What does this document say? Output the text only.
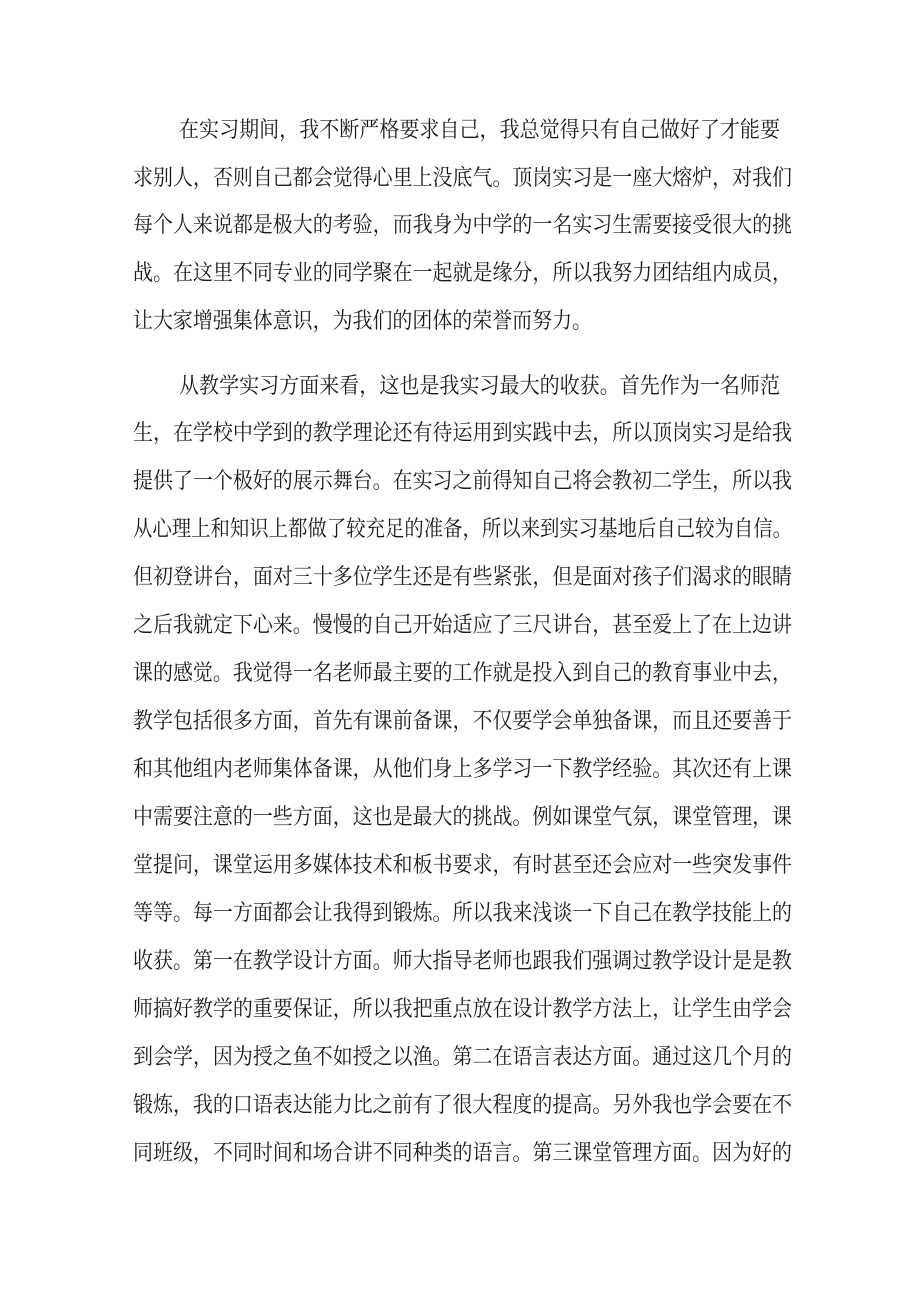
在实习期间，我不断严格要求自己，我总觉得只有自己做好了才能要
求别人，否则自己都会觉得心里上没底气。顶岗实习是一座大熔炉，对我们
每个人来说都是极大的考验，而我身为中学的一名实习生需要接受很大的挑
战。在这里不同专业的同学聚在一起就是缘分，所以我努力团结组内成员，
让大家增强集体意识，为我们的团体的荣誉而努力。
从教学实习方面来看，这也是我实习最大的收获。首先作为一名师范
生，在学校中学到的教学理论还有待运用到实践中去，所以顶岗实习是给我
提供了一个极好的展示舞台。在实习之前得知自己将会教初二学生，所以我
从心理上和知识上都做了较充足的准备，所以来到实习基地后自己较为自信。
但初登讲台，面对三十多位学生还是有些紧张，但是面对孩子们渴求的眼睛
之后我就定下心来。慢慢的自己开始适应了三尺讲台，甚至爱上了在上边讲
课的感觉。我觉得一名老师最主要的工作就是投入到自己的教育事业中去，
教学包括很多方面，首先有课前备课，不仅要学会单独备课，而且还要善于
和其他组内老师集体备课，从他们身上多学习一下教学经验。其次还有上课
中需要注意的一些方面，这也是最大的挑战。例如课堂气氛，课堂管理，课
堂提问，课堂运用多媒体技术和板书要求，有时甚至还会应对一些突发事件
等等。每一方面都会让我得到锻炼。所以我来浅谈一下自己在教学技能上的
收获。第一在教学设计方面。师大指导老师也跟我们强调过教学设计是是教
师搞好教学的重要保证，所以我把重点放在设计教学方法上，让学生由学会
到会学，因为授之鱼不如授之以渔。第二在语言表达方面。通过这几个月的
锻炼，我的口语表达能力比之前有了很大程度的提高。另外我也学会要在不
同班级，不同时间和场合讲不同种类的语言。第三课堂管理方面。因为好的
